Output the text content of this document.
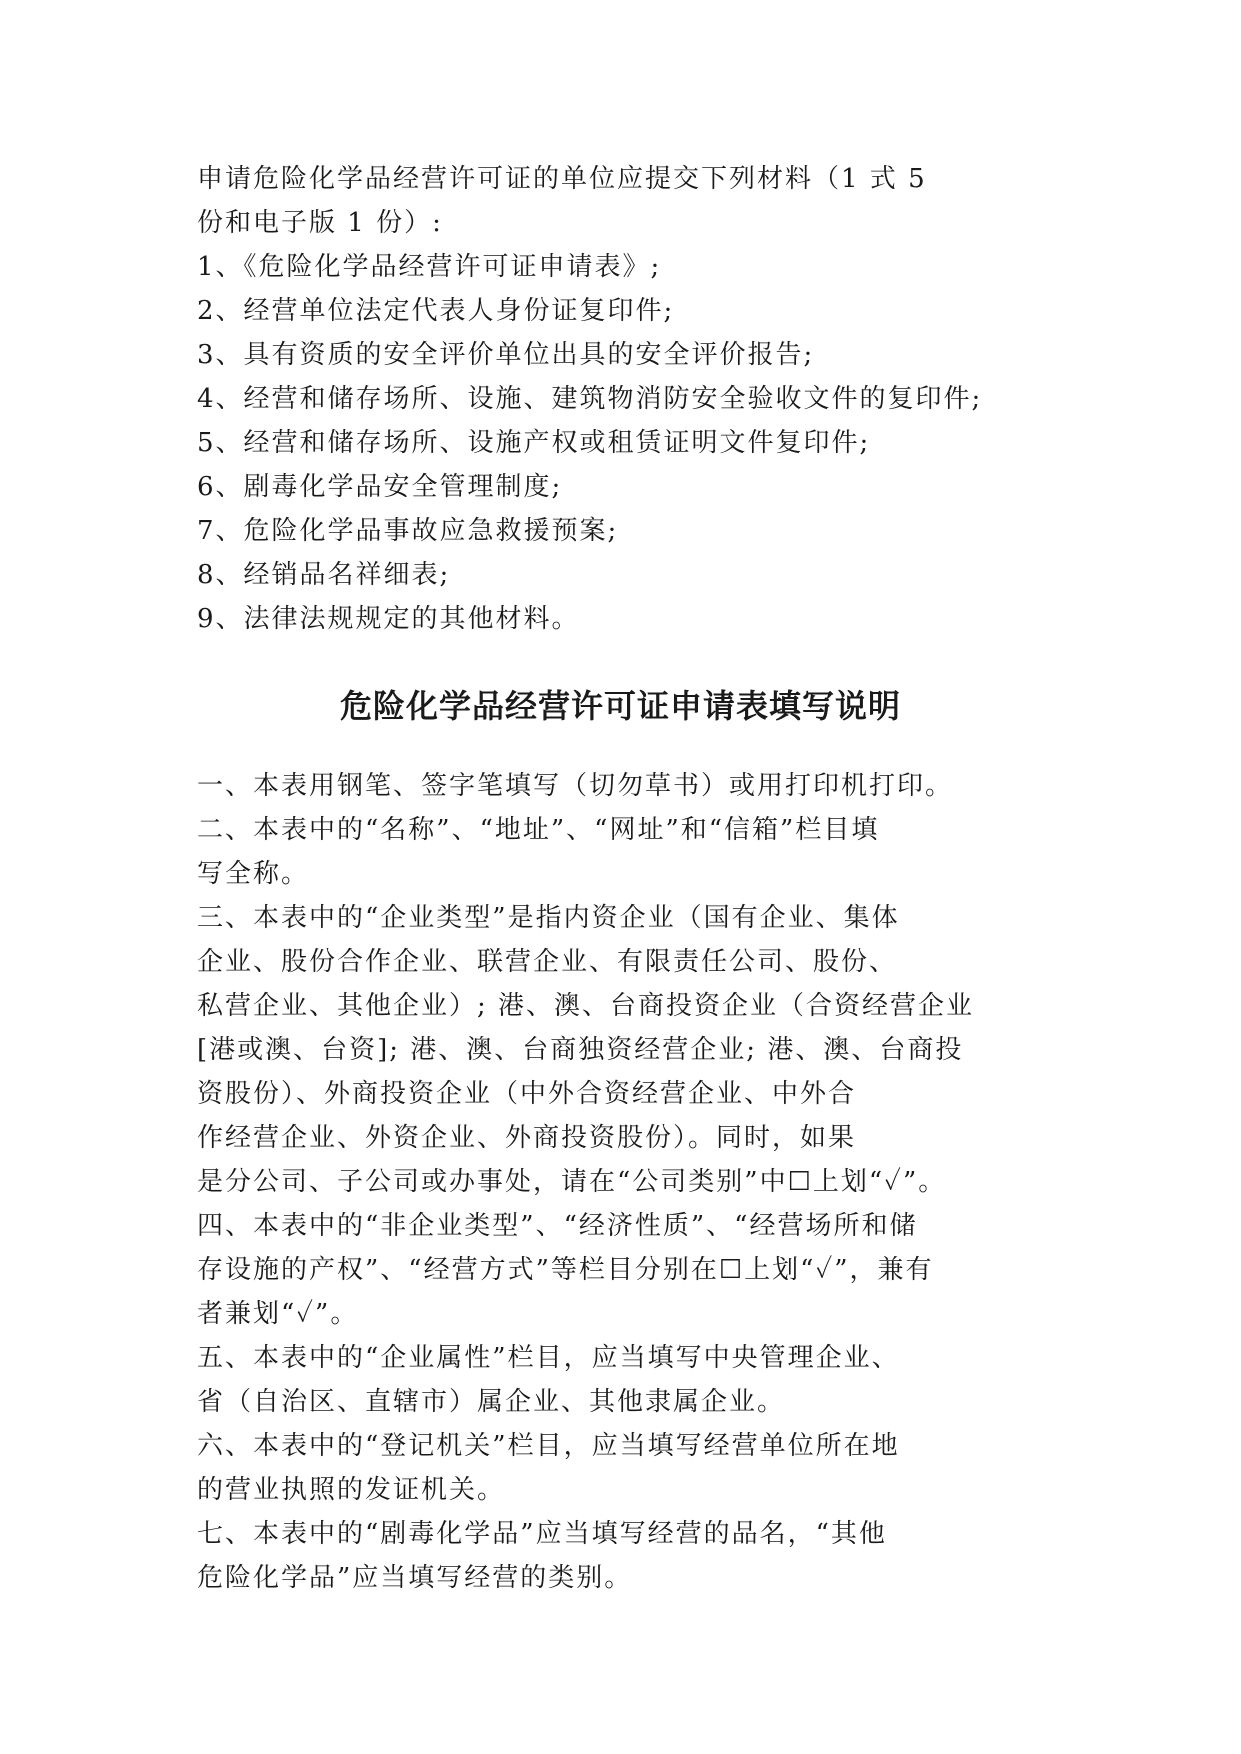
申请危险化学品经营许可证的单位应提交下列材料（1 式 5
份和电子版 1 份）:
1、《危险化学品经营许可证申请表》;
2、经营单位法定代表人身份证复印件;
3、具有资质的安全评价单位出具的安全评价报告;
4、经营和储存场所、设施、建筑物消防安全验收文件的复印件;
5、经营和储存场所、设施产权或租赁证明文件复印件;
6、剧毒化学品安全管理制度;
7、危险化学品事故应急救援预案;
8、经销品名祥细表;
9、法律法规规定的其他材料。
危险化学品经营许可证申请表填写说明
一、本表用钢笔、签字笔填写（切勿草书）或用打印机打印。
二、本表中的“名称”、“地址”、“网址”和“信箱”栏目填
写全称。
三、本表中的“企业类型”是指内资企业（国有企业、集体
企业、股份合作企业、联营企业、有限责任公司、股份、
私营企业、其他企业）; 港、澳、台商投资企业（合资经营企业
[港或澳、台资]; 港、澳、台商独资经营企业; 港、澳、台商投
资股份）、外商投资企业（中外合资经营企业、中外合
作经营企业、外资企业、外商投资股份）。同时，如果
是分公司、子公司或办事处，请在“公司类别”中☐上划“✓”。
四、本表中的“非企业类型”、“经济性质”、“经营场所和储
存设施的产权”、“经营方式”等栏目分别在☐上划“✓”，兼有
者兼划“✓”。
五、本表中的“企业属性”栏目，应当填写中央管理企业、
省（自治区、直辖市）属企业、其他隶属企业。
六、本表中的“登记机关”栏目，应当填写经营单位所在地
的营业执照的发证机关。
七、本表中的“剧毒化学品”应当填写经营的品名，“其他
危险化学品”应当填写经营的类别。
